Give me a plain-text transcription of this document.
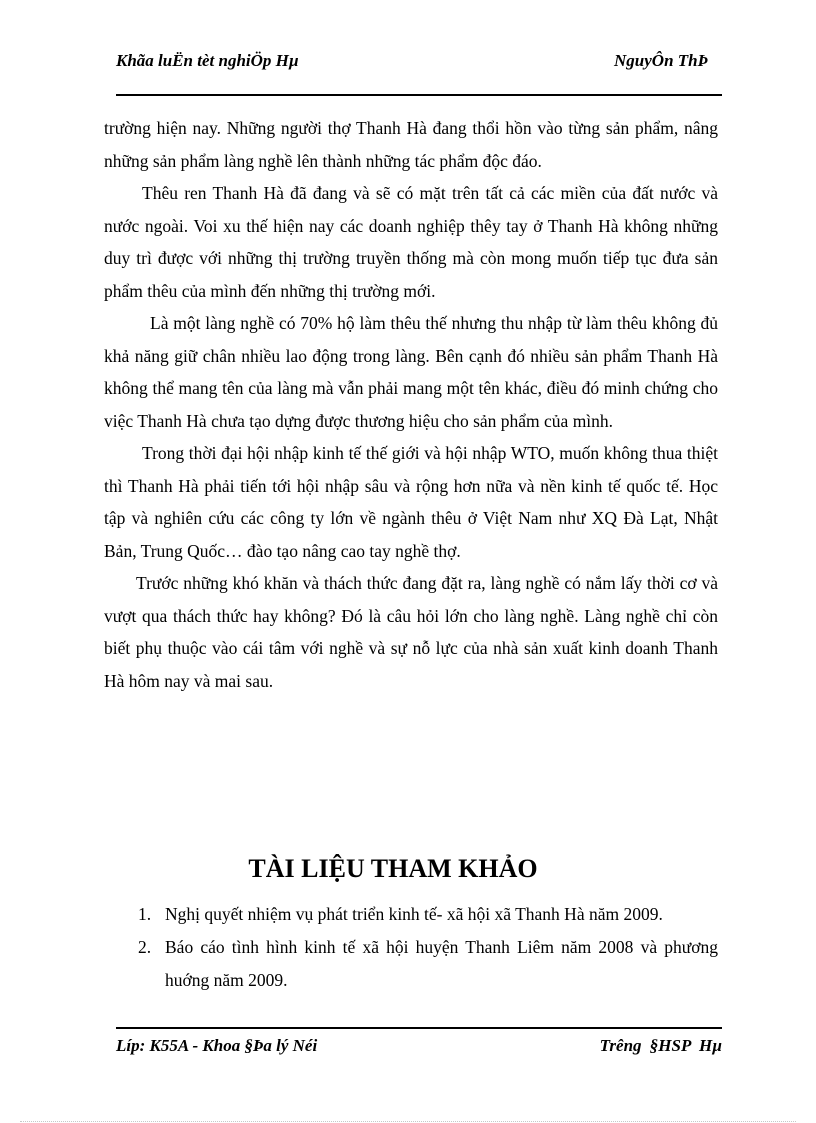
Khãa luËn tèt nghiÖp Hµ	NguyÔn ThÞ

trường hiện nay. Những người thợ Thanh Hà đang thổi hồn vào từng sản phẩm, nâng những sản phẩm làng nghề lên thành những tác phẩm độc đáo.

Thêu ren Thanh Hà đã đang và sẽ có mặt trên tất cả các miền của đất nước và nước ngoài. Voi xu thế hiện nay các doanh nghiệp thêy tay ở Thanh Hà không những duy trì được với những thị trường truyền thống mà còn mong muốn tiếp tục đưa sản phẩm thêu của mình đến những thị trường mới.

Là một làng nghề có 70% hộ làm thêu thế nhưng thu nhập từ làm thêu không đủ khả năng giữ chân nhiều lao động trong làng. Bên cạnh đó nhiều sản phẩm Thanh Hà không thể mang tên của làng mà vẫn phải mang một tên khác, điều đó minh chứng cho việc Thanh Hà chưa tạo dựng được thương hiệu cho sản phẩm của mình.

Trong thời đại hội nhập kinh tế thế giới và hội nhập WTO, muốn không thua thiệt thì Thanh Hà phải tiến tới hội nhập sâu và rộng hơn nữa và nền kinh tế quốc tế. Học tập và nghiên cứu các công ty lớn về ngành thêu ở Việt Nam như XQ Đà Lạt, Nhật Bản, Trung Quốc… đào tạo nâng cao tay nghề thợ.

Trước những khó khăn và thách thức đang đặt ra, làng nghề có nắm lấy thời cơ và vượt qua thách thức hay không? Đó là câu hỏi lớn cho làng nghề. Làng nghề chỉ còn biết phụ thuộc vào cái tâm với nghề và sự nỗ lực của nhà sản xuất kinh doanh Thanh Hà hôm nay và mai sau.

TÀI LIỆU THAM KHẢO
1. Nghị quyết nhiệm vụ phát triển kinh tế- xã hội xã Thanh Hà năm 2009.
2. Báo cáo tình hình kinh tế xã hội huyện Thanh Liêm năm 2008 và phương huớng năm 2009.
Líp: K55A - Khoa §Þa lý Néi	Trêng §HSP Hµ
